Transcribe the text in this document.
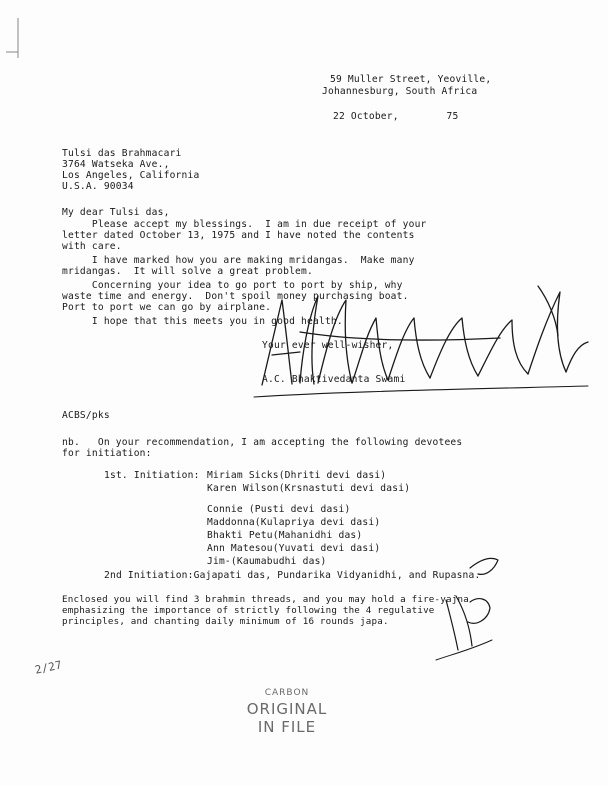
59 Muller Street, Yeoville,
Johannesburg, South Africa
22 October,        75
Tulsi das Brahmacari
3764 Watseka Ave.,
Los Angeles, California
U.S.A. 90034
My dear Tulsi das,
Please accept my blessings.  I am in due receipt of your
letter dated October 13, 1975 and I have noted the contents
with care.
I have marked how you are making mridangas.  Make many
mridangas.  It will solve a great problem.
Concerning your idea to go port to port by ship, why
waste time and energy.  Don't spoil money purchasing boat.
Port to port we can go by airplane.
I hope that this meets you in good health.
Your ever well-wisher,
A.C. Bhaktivedanta Swami
ACBS/pks
nb.   On your recommendation, I am accepting the following devotees
for initiation:
1st. Initiation: Miriam Sicks(Dhriti devi dasi)
Karen Wilson(Krsnastuti devi dasi)
Connie (Pusti devi dasi)
Maddonna(Kulapriya devi dasi)
Bhakti Petu(Mahanidhi das)
Ann Matesou(Yuvati devi dasi)
Jim-(Kaumabudhi das)
2nd Initiation:Gajapati das, Pundarika Vidyanidhi, and Rupasna.
Enclosed you will find 3 brahmin threads, and you may hold a fire-yajna
emphasizing the importance of strictly following the 4 regulative
principles, and chanting daily minimum of 16 rounds japa.
2/27
CARBON
ORIGINAL
IN FILE
